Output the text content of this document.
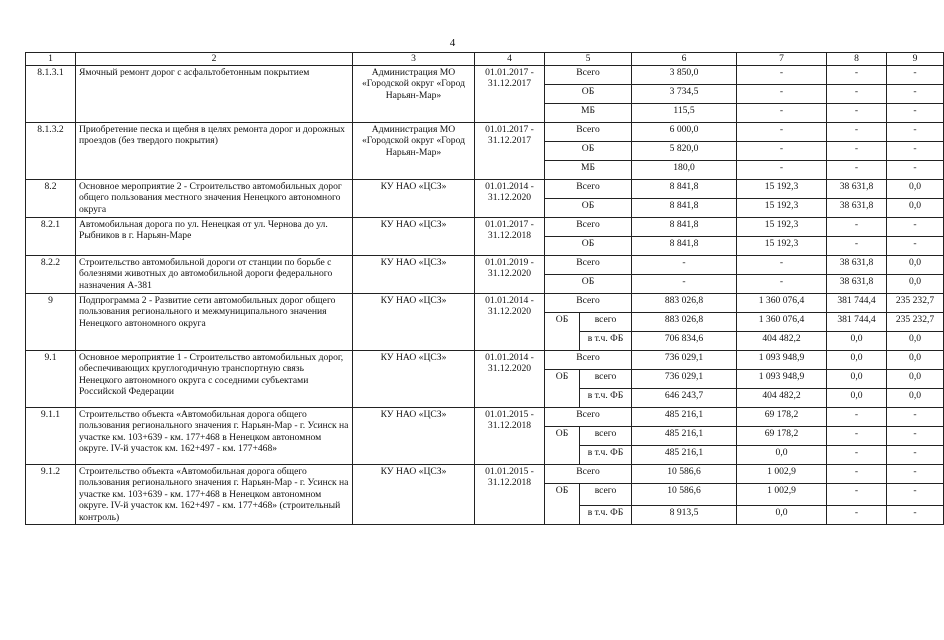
4
1	2	3	4	5		6	7	8	9
8.1.3.1	Ямочный ремонт дорог с асфальтобетонным покрытием	Администрация МО «Городской округ «Город Нарьян-Мар»	01.01.2017 - 31.12.2017	Всего		3 850,0	-	-	-
				ОБ		3 734,5	-	-	-
				МБ		115,5	-	-	-
8.1.3.2	Приобретение песка и щебня в целях ремонта дорог и дорожных проездов (без твердого покрытия)	Администрация МО «Городской округ «Город Нарьян-Мар»	01.01.2017 - 31.12.2017	Всего		6 000,0	-	-	-
				ОБ		5 820,0	-	-	-
				МБ		180,0	-	-	-
8.2	Основное мероприятие 2 - Строительство автомобильных дорог общего пользования местного значения Ненецкого автономного округа	КУ НАО «ЦСЗ»	01.01.2014 - 31.12.2020	Всего		8 841,8	15 192,3	38 631,8	0,0
				ОБ		8 841,8	15 192,3	38 631,8	0,0
8.2.1	Автомобильная дорога по ул. Ненецкая от ул. Чернова до ул. Рыбников в г. Нарьян-Маре	КУ НАО «ЦСЗ»	01.01.2017 - 31.12.2018	Всего		8 841,8	15 192,3	-	-
				ОБ		8 841,8	15 192,3	-	-
8.2.2	Строительство автомобильной дороги от станции по борьбе с болезнями животных до автомобильной дороги федерального назначения А-381	КУ НАО «ЦСЗ»	01.01.2019 - 31.12.2020	Всего		-	-	38 631,8	0,0
				ОБ		-	-	38 631,8	0,0
9	Подпрограмма 2 - Развитие сети автомобильных дорог общего пользования регионального и межмуниципального значения Ненецкого автономного округа	КУ НАО «ЦСЗ»	01.01.2014 - 31.12.2020	Всего		883 026,8	1 360 076,4	381 744,4	235 232,7
				ОБ	всего	883 026,8	1 360 076,4	381 744,4	235 232,7
					в т.ч. ФБ	706 834,6	404 482,2	0,0	0,0
9.1	Основное мероприятие 1 - Строительство автомобильных дорог, обеспечивающих круглогодичную транспортную связь Ненецкого автономного округа с соседними субъектами Российской Федерации	КУ НАО «ЦСЗ»	01.01.2014 - 31.12.2020	Всего		736 029,1	1 093 948,9	0,0	0,0
				ОБ	всего	736 029,1	1 093 948,9	0,0	0,0
					в т.ч. ФБ	646 243,7	404 482,2	0,0	0,0
9.1.1	Строительство объекта «Автомобильная дорога общего пользования регионального значения г. Нарьян-Мар - г. Усинск на участке км. 103+639 - км. 177+468 в Ненецком автономном округе. IV-й участок км. 162+497 - км. 177+468»	КУ НАО «ЦСЗ»	01.01.2015 - 31.12.2018	Всего		485 216,1	69 178,2	-	-
				ОБ	всего	485 216,1	69 178,2	-	-
					в т.ч. ФБ	485 216,1	0,0	-	-
9.1.2	Строительство объекта «Автомобильная дорога общего пользования регионального значения г. Нарьян-Мар - г. Усинск на участке км. 103+639 - км. 177+468 в Ненецком автономном округе. IV-й участок км. 162+497 - км. 177+468» (строительный контроль)	КУ НАО «ЦСЗ»	01.01.2015 - 31.12.2018	Всего		10 586,6	1 002,9	-	-
				ОБ	всего	10 586,6	1 002,9	-	-
					в т.ч. ФБ	8 913,5	0,0	-	-
